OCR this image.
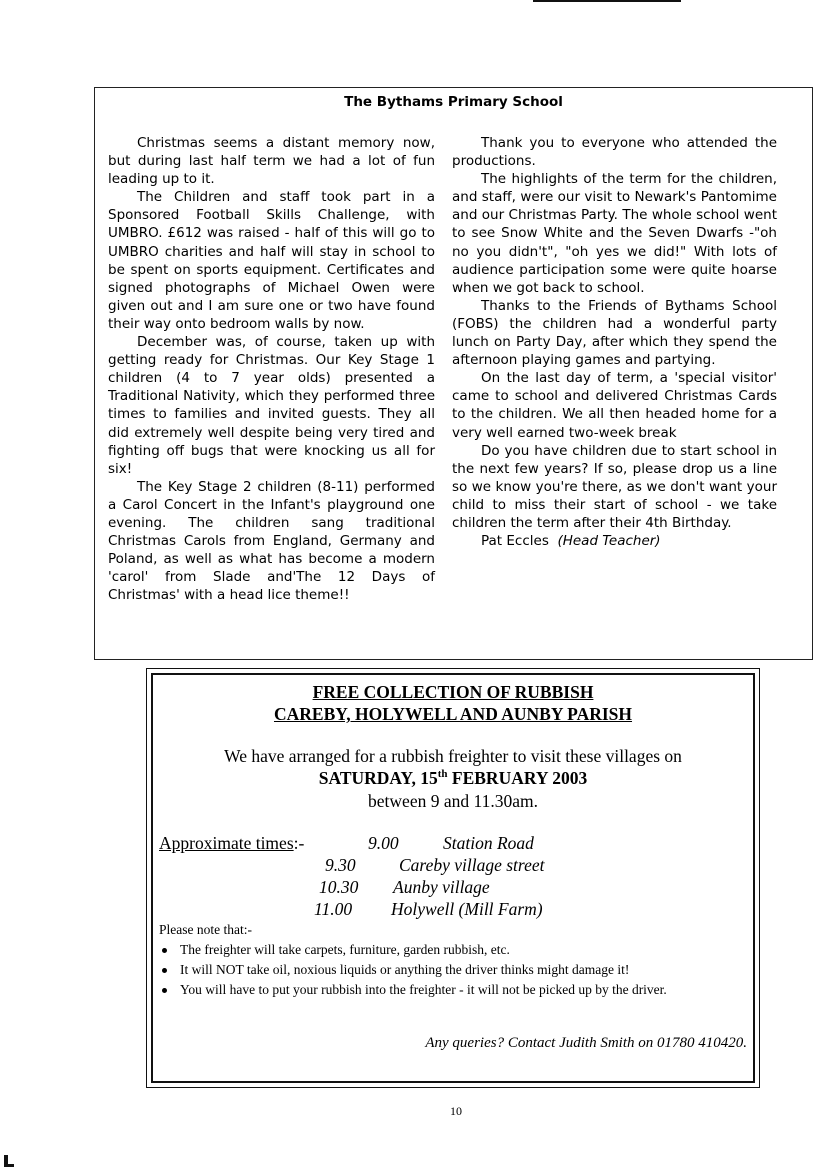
The Bythams Primary School

Christmas seems a distant memory now, but during last half term we had a lot of fun leading up to it.

The Children and staff took part in a Sponsored Football Skills Challenge, with UMBRO. £612 was raised - half of this will go to UMBRO charities and half will stay in school to be spent on sports equipment. Certificates and signed photographs of Michael Owen were given out and I am sure one or two have found their way onto bedroom walls by now.

December was, of course, taken up with getting ready for Christmas. Our Key Stage 1 children (4 to 7 year olds) presented a Traditional Nativity, which they performed three times to families and invited guests. They all did extremely well despite being very tired and fighting off bugs that were knocking us all for six!

The Key Stage 2 children (8-11) performed a Carol Concert in the Infant's playground one evening. The children sang traditional Christmas Carols from England, Germany and Poland, as well as what has become a modern 'carol' from Slade and'The 12 Days of Christmas' with a head lice theme!!

Thank you to everyone who attended the productions.

The highlights of the term for the children, and staff, were our visit to Newark's Pantomime and our Christmas Party. The whole school went to see Snow White and the Seven Dwarfs -"oh no you didn't", "oh yes we did!" With lots of audience participation some were quite hoarse when we got back to school.

Thanks to the Friends of Bythams School (FOBS) the children had a wonderful party lunch on Party Day, after which they spend the afternoon playing games and partying.

On the last day of term, a 'special visitor' came to school and delivered Christmas Cards to the children. We all then headed home for a very well earned two-week break

Do you have children due to start school in the next few years? If so, please drop us a line so we know you're there, as we don't want your child to miss their start of school - we take children the term after their 4th Birthday.

Pat Eccles (Head Teacher)
FREE COLLECTION OF RUBBISH
CAREBY, HOLYWELL AND AUNBY PARISH
We have arranged for a rubbish freighter to visit these villages on
SATURDAY, 15th FEBRUARY 2003
between 9 and 11.30am.
Approximate times:-	9.00	Station Road
9.30 Careby village street
10.30 Aunby village
11.00 Holywell (Mill Farm)
Please note that:-
The freighter will take carpets, furniture, garden rubbish, etc.
It will NOT take oil, noxious liquids or anything the driver thinks might damage it!
You will have to put your rubbish into the freighter - it will not be picked up by the driver.
Any queries? Contact Judith Smith on 01780 410420.
10
